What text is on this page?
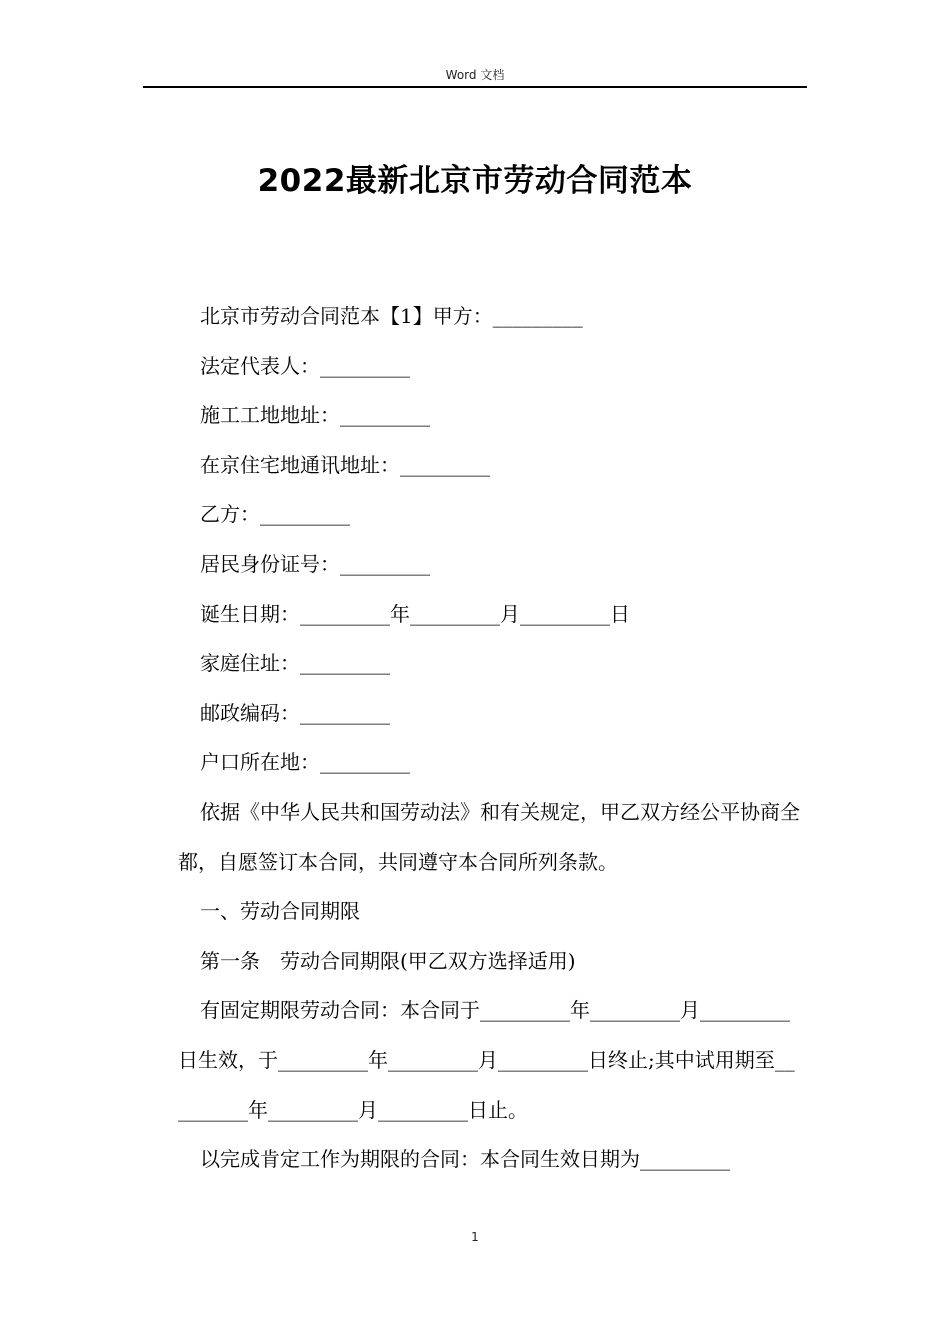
Word 文档
2022最新北京市劳动合同范本

北京市劳动合同范本【1】甲方：_________

法定代表人：_________

施工工地地址：_________

在京住宅地通讯地址：_________

乙方：_________

居民身份证号：_________

诞生日期：_________年_________月_________日

家庭住址：_________

邮政编码：_________

户口所在地：_________

依据《中华人民共和国劳动法》和有关规定，甲乙双方经公平协商全都，自愿签订本合同，共同遵守本合同所列条款。

一、劳动合同期限

第一条　劳动合同期限(甲乙双方选择适用)

有固定期限劳动合同：本合同于_________年_________月_________日生效，于_________年_________月_________日终止;其中试用期至_________年_________月_________日止。

以完成肯定工作为期限的合同：本合同生效日期为_________

1
